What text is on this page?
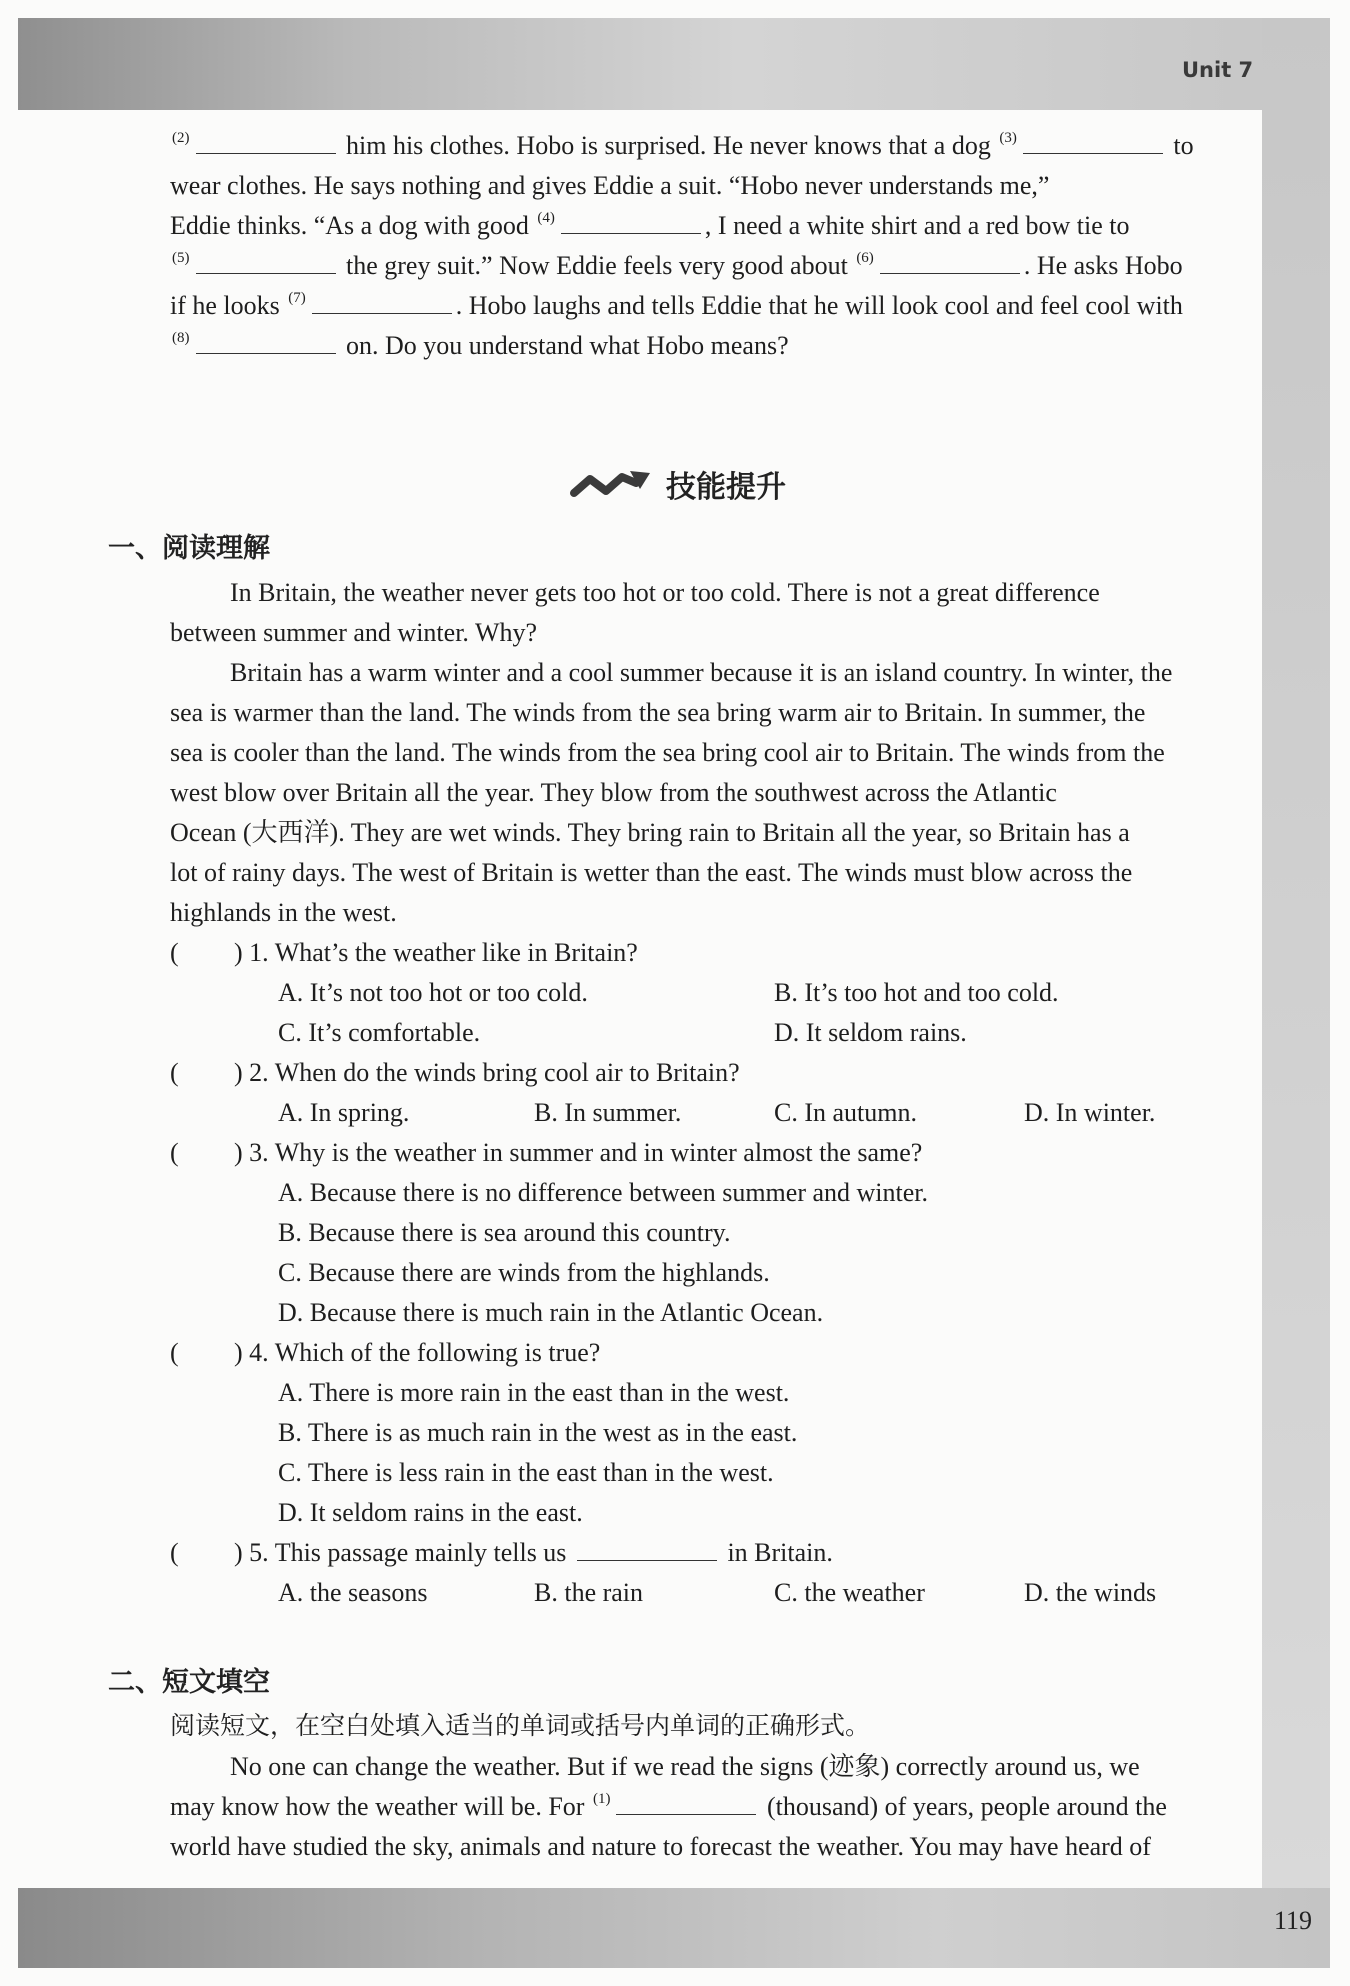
Unit 7
119
$^{(2)}$	him his clothes. Hobo is surprised. He never knows that a dog $^{(3)}$	to
wear clothes. He says nothing and gives Eddie a suit. “Hobo never understands me,”
Eddie thinks. “As a dog with good $^{(4)}$	, I need a white shirt and a red bow tie to
$^{(5)}$	the grey suit.” Now Eddie feels very good about $^{(6)}$	. He asks Hobo
if he looks $^{(7)}$	. Hobo laughs and tells Eddie that he will look cool and feel cool with
$^{(8)}$	on. Do you understand what Hobo means?
技能提升
一、阅读理解
In Britain, the weather never gets too hot or too cold. There is not a great difference
between summer and winter. Why?
Britain has a warm winter and a cool summer because it is an island country. In winter, the
sea is warmer than the land. The winds from the sea bring warm air to Britain. In summer, the
sea is cooler than the land. The winds from the sea bring cool air to Britain. The winds from the
west blow over Britain all the year. They blow from the southwest across the Atlantic
Ocean (大西洋). They are wet winds. They bring rain to Britain all the year, so Britain has a
lot of rainy days. The west of Britain is wetter than the east. The winds must blow across the
highlands in the west.
( ) 1. What’s the weather like in Britain?
A. It’s not too hot or too cold.	B. It’s too hot and too cold.
C. It’s comfortable.	D. It seldom rains.
( ) 2. When do the winds bring cool air to Britain?
A. In spring.	B. In summer.	C. In autumn.	D. In winter.
( ) 3. Why is the weather in summer and in winter almost the same?
A. Because there is no difference between summer and winter.
B. Because there is sea around this country.
C. Because there are winds from the highlands.
D. Because there is much rain in the Atlantic Ocean.
( ) 4. Which of the following is true?
A. There is more rain in the east than in the west.
B. There is as much rain in the west as in the east.
C. There is less rain in the east than in the west.
D. It seldom rains in the east.
( ) 5. This passage mainly tells us	in Britain.
A. the seasons	B. the rain	C. the weather	D. the winds
二、短文填空
阅读短文，在空白处填入适当的单词或括号内单词的正确形式。
No one can change the weather. But if we read the signs (迹象) correctly around us, we
may know how the weather will be. For $^{(1)}$	(thousand) of years, people around the
world have studied the sky, animals and nature to forecast the weather. You may have heard of
